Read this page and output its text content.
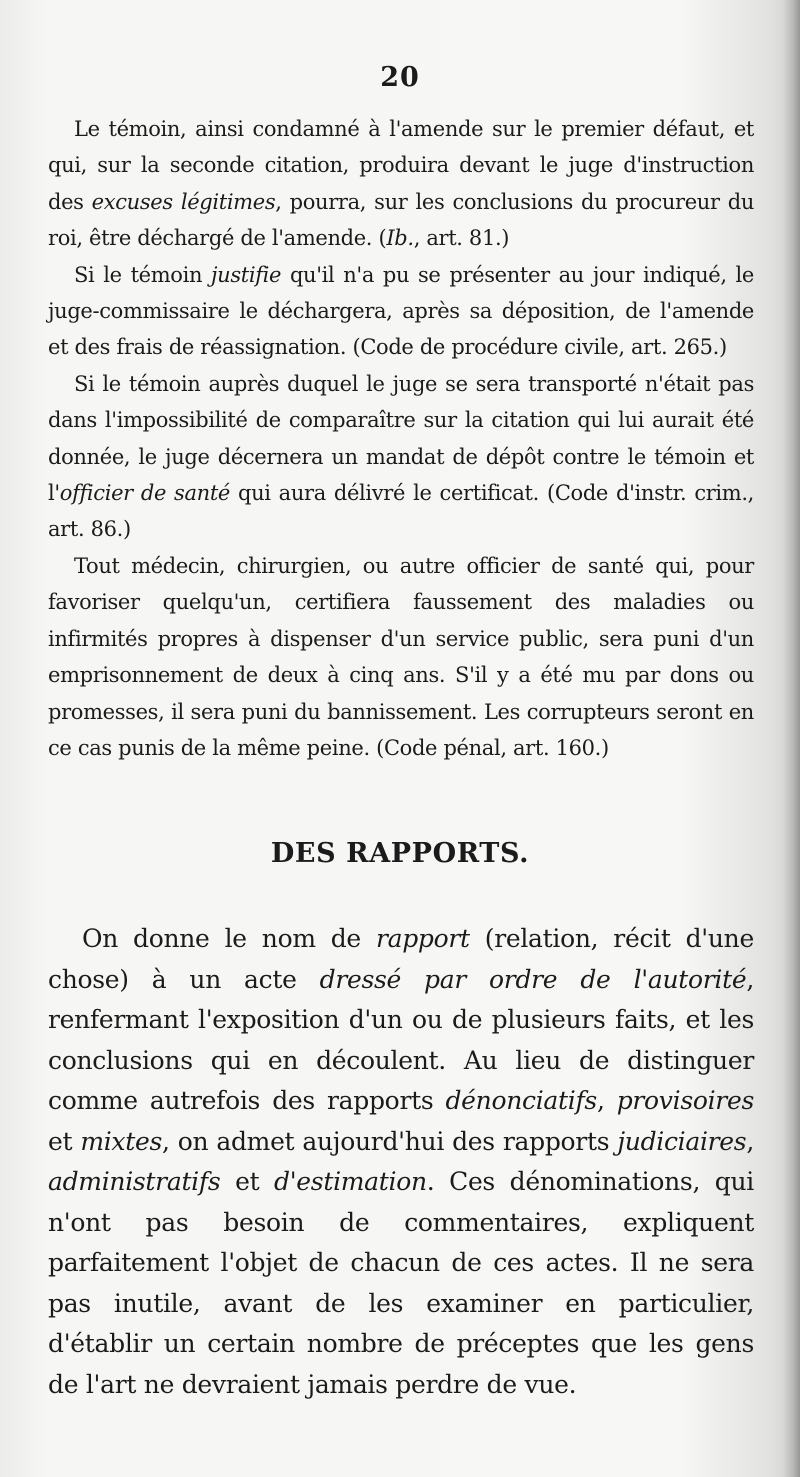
20

Le témoin, ainsi condamné à l'amende sur le premier défaut, et qui, sur la seconde citation, produira devant le juge d'instruction des excuses légitimes, pourra, sur les conclusions du procureur du roi, être déchargé de l'amende. (Ib., art. 81.)

Si le témoin justifie qu'il n'a pu se présenter au jour indiqué, le juge-commissaire le déchargera, après sa déposition, de l'amende et des frais de réassignation. (Code de procédure civile, art. 265.)

Si le témoin auprès duquel le juge se sera transporté n'était pas dans l'impossibilité de comparaître sur la citation qui lui aurait été donnée, le juge décernera un mandat de dépôt contre le témoin et l'officier de santé qui aura délivré le certificat. (Code d'instr. crim., art. 86.)

Tout médecin, chirurgien, ou autre officier de santé qui, pour favoriser quelqu'un, certifiera faussement des maladies ou infirmités propres à dispenser d'un service public, sera puni d'un emprisonnement de deux à cinq ans. S'il y a été mu par dons ou promesses, il sera puni du bannissement. Les corrupteurs seront en ce cas punis de la même peine. (Code pénal, art. 160.)

DES RAPPORTS.

On donne le nom de rapport (relation, récit d'une chose) à un acte dressé par ordre de l'autorité, renfermant l'exposition d'un ou de plusieurs faits, et les conclusions qui en découlent. Au lieu de distinguer comme autrefois des rapports dénonciatifs, provisoires et mixtes, on admet aujourd'hui des rapports judiciaires, administratifs et d'estimation. Ces dénominations, qui n'ont pas besoin de commentaires, expliquent parfaitement l'objet de chacun de ces actes. Il ne sera pas inutile, avant de les examiner en particulier, d'établir un certain nombre de préceptes que les gens de l'art ne devraient jamais perdre de vue.
